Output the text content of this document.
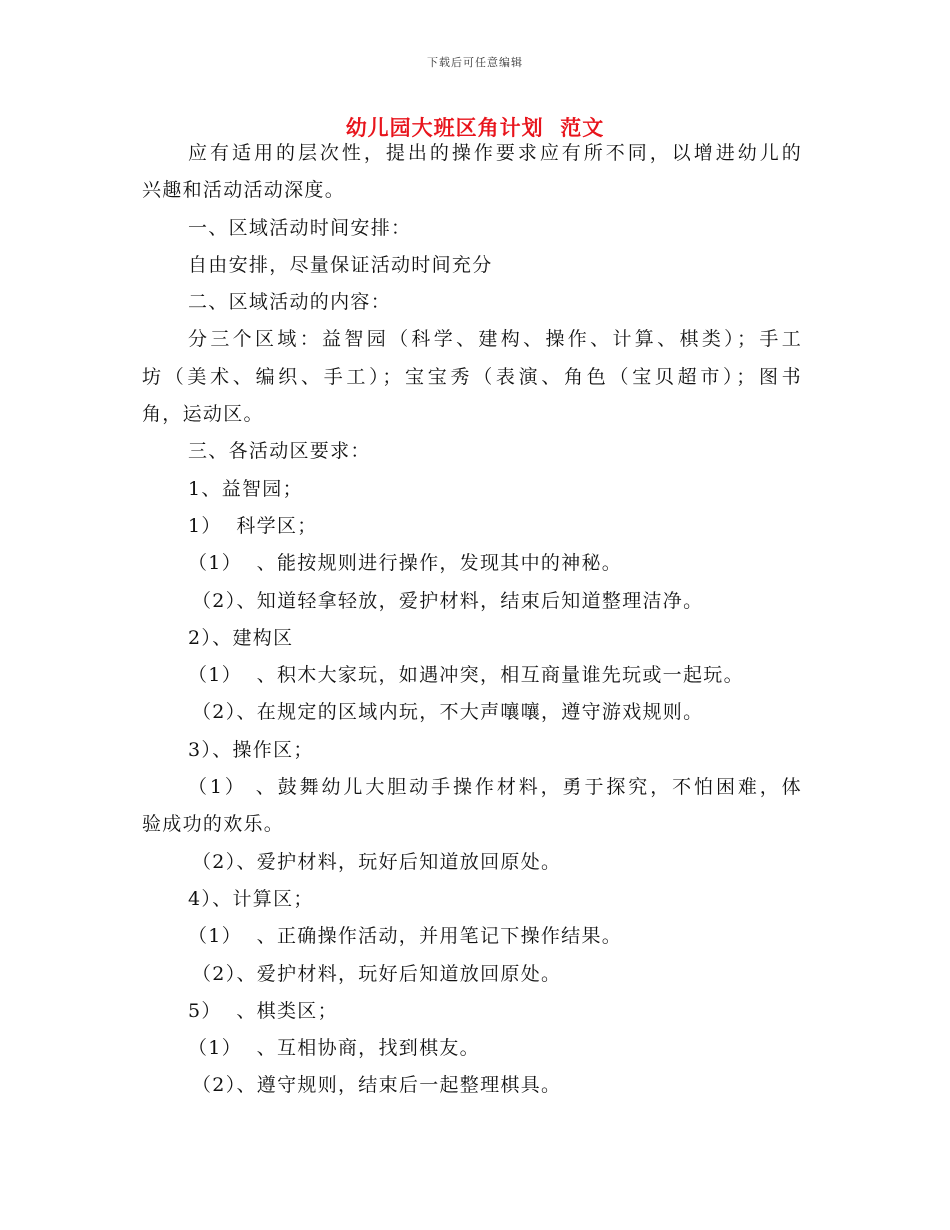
下载后可任意编辑
幼儿园大班区角计划  范文
应有适用的层次性，提出的操作要求应有所不同，以增进幼儿的
兴趣和活动活动深度。
一、区域活动时间安排：
自由安排，尽量保证活动时间充分
二、区域活动的内容：
分三个区域：益智园（科学、建构、操作、计算、棋类）；手工
坊（美术、编织、手工）；宝宝秀（表演、角色（宝贝超市）；图书
角，运动区。
三、各活动区要求：
1、益智园；
1）  科学区；
（1）  、能按规则进行操作，发现其中的神秘。
（2）、知道轻拿轻放，爱护材料，结束后知道整理洁净。
2）、建构区
（1）  、积木大家玩，如遇冲突，相互商量谁先玩或一起玩。
（2）、在规定的区域内玩，不大声嚷嚷，遵守游戏规则。
3）、操作区；
（1） 、鼓舞幼儿大胆动手操作材料，勇于探究，不怕困难，体
验成功的欢乐。
（2）、爱护材料，玩好后知道放回原处。
4）、计算区；
（1）  、正确操作活动，并用笔记下操作结果。
（2）、爱护材料，玩好后知道放回原处。
5）  、棋类区；
（1）  、互相协商，找到棋友。
（2）、遵守规则，结束后一起整理棋具。
